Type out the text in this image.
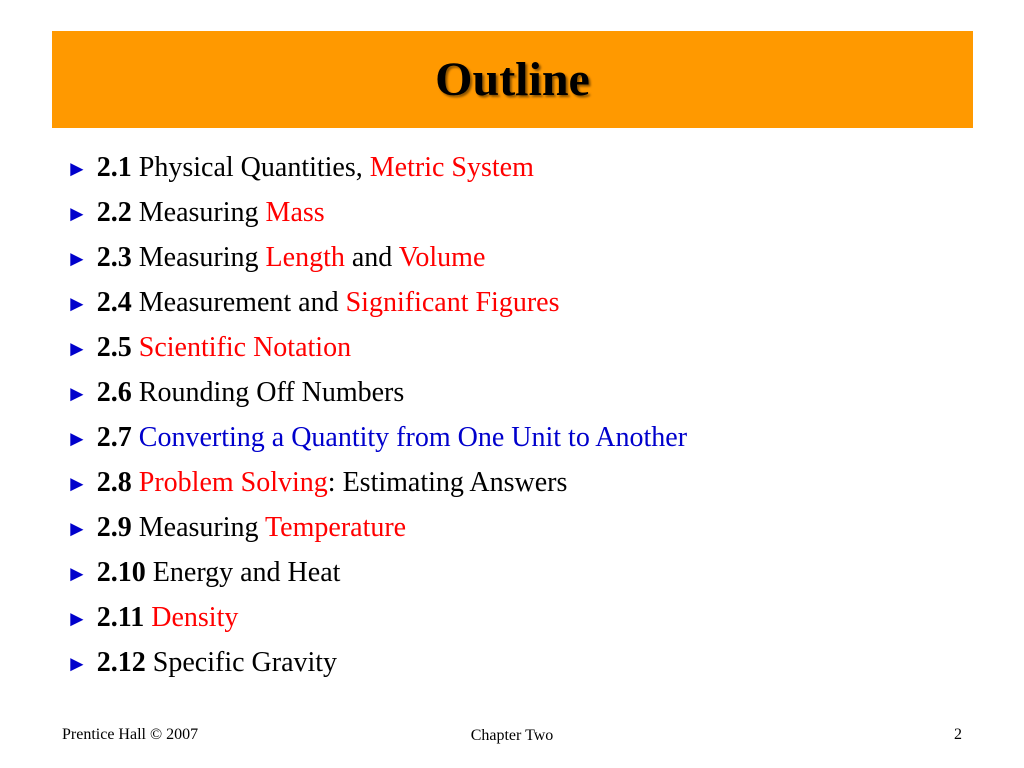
Outline
► 2.1 Physical Quantities, Metric System
► 2.2 Measuring Mass
► 2.3 Measuring Length and Volume
► 2.4 Measurement and Significant Figures
► 2.5 Scientific Notation
► 2.6 Rounding Off Numbers
► 2.7 Converting a Quantity from One Unit to Another
► 2.8 Problem Solving: Estimating Answers
► 2.9 Measuring Temperature
► 2.10 Energy and Heat
► 2.11 Density
► 2.12 Specific Gravity
Prentice Hall © 2007	Chapter Two	2
